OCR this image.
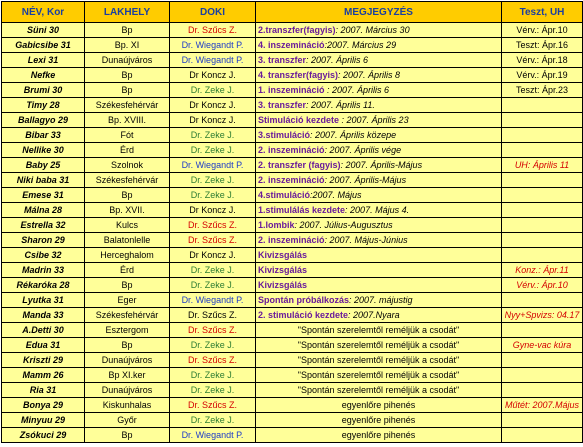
NÉV, Kor	LAKHELY	DOKI	MEGJEGYZÉS	Teszt, UH
Süni 30	Bp	Dr. Szűcs Z.	2.transzfer(fagyis): 2007. Március 30	Vérv.: Ápr.10
Gabicsibe 31	Bp. XI	Dr. Wiegandt P.	4. inszemináció:2007. Március 29	Teszt: Ápr.16
Lexi 31	Dunaújváros	Dr. Wiegandt P.	3. transzfer: 2007. Április 6	Vérv.: Ápr.18
Nefke	Bp	Dr Koncz J.	4. transzfer(fagyis): 2007. Április 8	Vérv.: Ápr.19
Brumi 30	Bp	Dr. Zeke J.	1. inszemináció : 2007. Április 6	Teszt: Ápr.23
Timy 28	Székesfehérvár	Dr Koncz J.	3. transzfer: 2007. Április 11.	
Ballagyo 29	Bp. XVIII.	Dr Koncz J.	Stimuláció kezdete : 2007. Április 23	
Bibar 33	Fót	Dr. Zeke J.	3.stimuláció: 2007. Április közepe	
Nellike 30	Érd	Dr. Zeke J.	2. inszemináció: 2007. Április vége	
Baby 25	Szolnok	Dr. Wiegandt P.	2. transzfer (fagyis): 2007. Április-Május	UH: Április 11
Niki baba 31	Székesfehérvár	Dr. Zeke J.	2. inszemináció: 2007. Április-Május	
Emese 31	Bp	Dr. Zeke J.	4.stimuláció:2007. Május	
Málna 28	Bp. XVII.	Dr Koncz J.	1.stimulálás kezdete: 2007. Május 4.	
Estrella 32	Kulcs	Dr. Szűcs Z.	1.lombik: 2007. Július-Augusztus	
Sharon 29	Balatonlelle	Dr. Szűcs Z.	2. inszemináció: 2007. Május-Június	
Csibe 32	Herceghalom	Dr Koncz J.	Kivizsgálás	
Madrin 33	Érd	Dr. Zeke J.	Kivizsgálás	Konz.: Ápr.11
Rékaróka 28	Bp	Dr. Zeke J.	Kivizsgálás	Vérv.: Ápr.10
Lyutka 31	Eger	Dr. Wiegandt P.	Spontán próbálkozás: 2007. májustig	
Manda 33	Székesfehérvár	Dr. Szűcs Z.	2. stimuláció kezdete: 2007.Nyara	Nyy+Spvizs: 04.17
A.Detti 30	Esztergom	Dr. Szűcs Z.	"Spontán szerelemtől reméljük a csodát"	
Edua 31	Bp	Dr. Zeke J.	"Spontán szerelemtől reméljük a csodát"	Gyne-vac kúra
Kriszti 29	Dunaújváros	Dr. Szűcs Z.	"Spontán szerelemtől reméljük a csodát"	
Mamm 26	Bp XI.ker	Dr. Zeke J.	"Spontán szerelemtől reméljük a csodát"	
Ria 31	Dunaújváros	Dr. Zeke J.	"Spontán szerelemtől reméljük a csodát"	
Bonya 29	Kiskunhalas	Dr. Szűcs Z.	egyenlőre pihenés	Műtét: 2007.Május
Minyuu 29	Győr	Dr. Zeke J.	egyenlőre pihenés	
Zsókuci 29	Bp	Dr. Wiegandt P.	egyenlőre pihenés	
